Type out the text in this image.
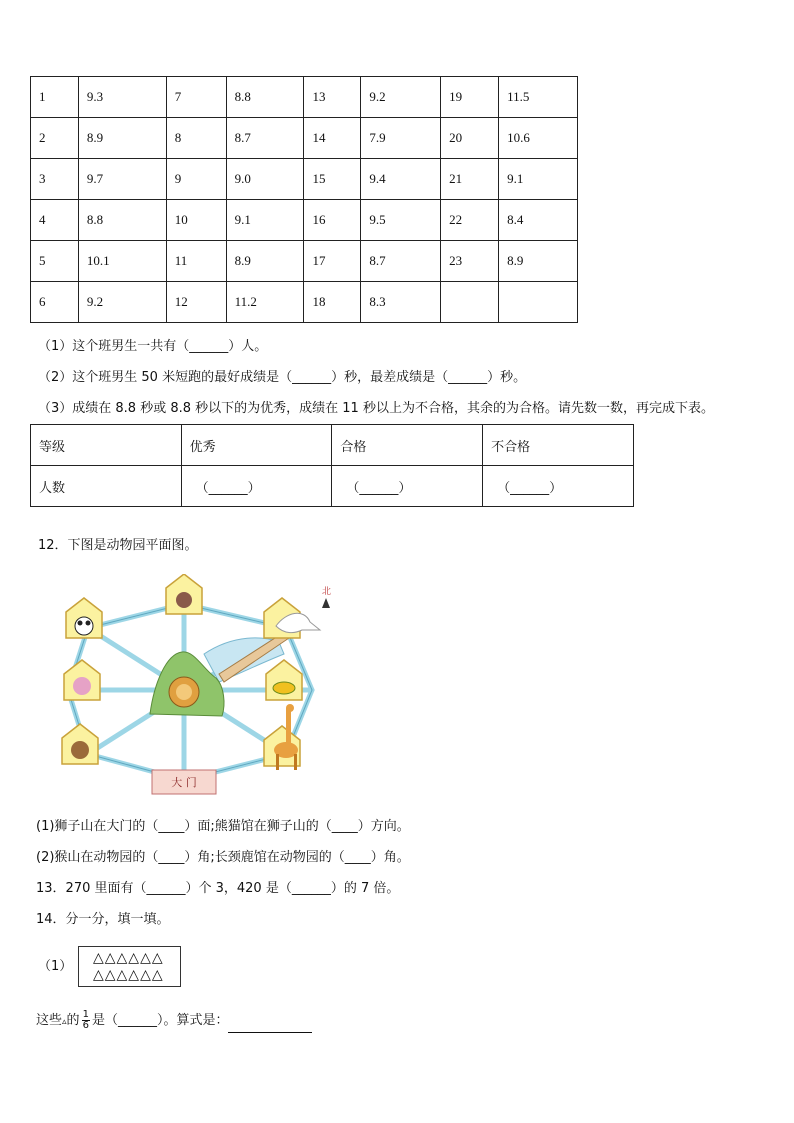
1	9.3	7	8.8	13	9.2	19	11.5
2	8.9	8	8.7	14	7.9	20	10.6
3	9.7	9	9.0	15	9.4	21	9.1
4	8.8	10	9.1	16	9.5	22	8.4
5	10.1	11	8.9	17	8.7	23	8.9
6	9.2	12	11.2	18	8.3		
（1）这个班男生一共有（______）人。
（2）这个班男生 50 米短跑的最好成绩是（______）秒，最差成绩是（______）秒。
（3）成绩在 8.8 秒或 8.8 秒以下的为优秀，成绩在 11 秒以上为不合格，其余的为合格。请先数一数，再完成下表。
等级	优秀	合格	不合格
人数	（______）	（______）	（______）
12．下图是动物园平面图。
大 门
北
(1)狮子山在大门的（____）面;熊猫馆在狮子山的（____）方向。
(2)猴山在动物园的（____）角;长颈鹿馆在动物园的（____）角。
13．270 里面有（______）个 3，420 是（______）的 7 倍。
14．分一分，填一填。
（1）
△△△△△△
△△△△△△
这些▵的 $\frac{1}{6}$ 是（______）。算式是：
